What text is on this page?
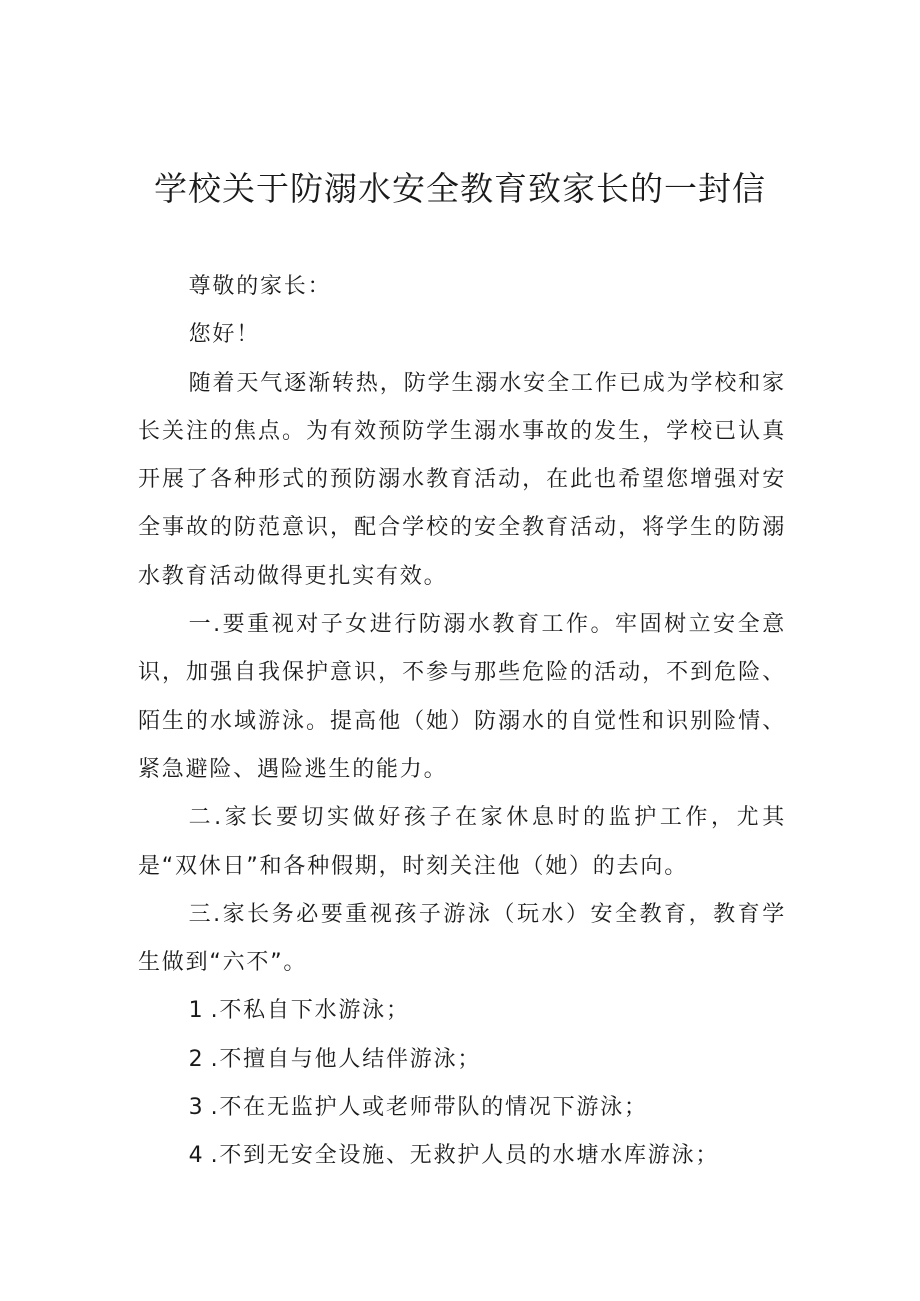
学校关于防溺水安全教育致家长的一封信

尊敬的家长：

您好！

随着天气逐渐转热，防学生溺水安全工作已成为学校和家长关注的焦点。为有效预防学生溺水事故的发生，学校已认真开展了各种形式的预防溺水教育活动，在此也希望您增强对安全事故的防范意识，配合学校的安全教育活动，将学生的防溺水教育活动做得更扎实有效。

一.要重视对子女进行防溺水教育工作。牢固树立安全意识，加强自我保护意识，不参与那些危险的活动，不到危险、陌生的水域游泳。提高他（她）防溺水的自觉性和识别险情、紧急避险、遇险逃生的能力。

二.家长要切实做好孩子在家休息时的监护工作，尤其是“双休日”和各种假期，时刻关注他（她）的去向。

三.家长务必要重视孩子游泳（玩水）安全教育，教育学生做到“六不”。

1.不私自下水游泳；

2.不擅自与他人结伴游泳；

3.不在无监护人或老师带队的情况下游泳；

4.不到无安全设施、无救护人员的水塘水库游泳；
